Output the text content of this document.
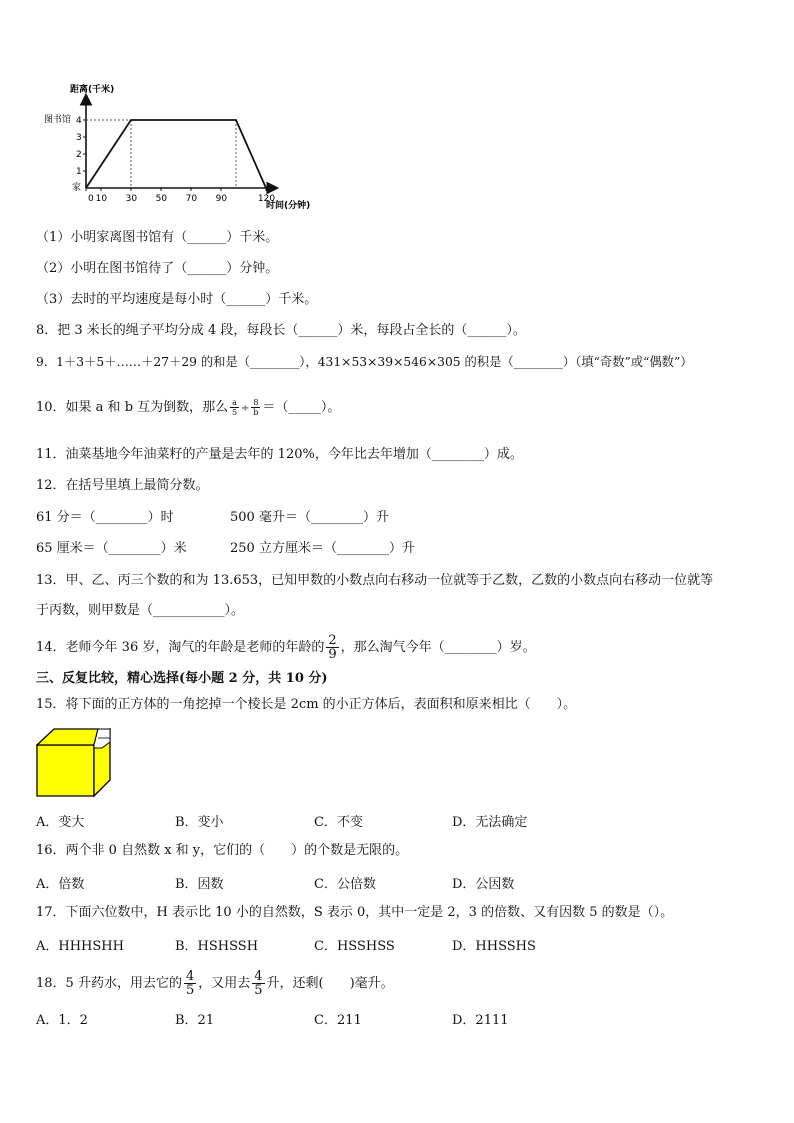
距离(千米)
时间(分钟)
图书馆
家
1
2
3
4
0 10 30 50 70 90	120
（1）小明家离图书馆有（______）千米。
（2）小明在图书馆待了（______）分钟。
（3）去时的平均速度是每小时（______）千米。
8．把 3 米长的绳子平均分成 4 段，每段长（______）米，每段占全长的（______）。
9．1＋3＋5＋……＋27＋29 的和是（________），431×53×39×546×305 的积是（________）（填“奇数”或“偶数”）
10．如果 a 和 b 互为倒数，那么 $\frac{a}{5} \div \frac{8}{b}$ ＝（_____）。
11．油菜基地今年油菜籽的产量是去年的 120%，今年比去年增加（________）成。
12．在括号里填上最简分数。
61 分＝（________）时	500 毫升＝（________）升
65 厘米＝（________）米	250 立方厘米＝（________）升
13．甲、乙、丙三个数的和为 13.653，已知甲数的小数点向右移动一位就等于乙数，乙数的小数点向右移动一位就等
于丙数，则甲数是（___________）。
14．老师今年 36 岁，淘气的年龄是老师的年龄的 $\frac{2}{9}$ ，那么淘气今年（________）岁。
三、反复比较，精心选择(每小题 2 分，共 10 分)
15．将下面的正方体的一角挖掉一个棱长是 2cm 的小正方体后，表面积和原来相比（　　）。
A．变大	B．变小	C．不变	D．无法确定
16．两个非 0 自然数 x 和 y，它们的（　　）的个数是无限的。
A．倍数	B．因数	C．公倍数	D．公因数
17．下面六位数中，H 表示比 10 小的自然数，S 表示 0，其中一定是 2，3 的倍数、又有因数 5 的数是（）。
A．HHHSHH	B．HSHSSH	C．HSSHSS	D．HHSSHS
18．5 升药水，用去它的 $\frac{4}{5}$ ，又用去 $\frac{4}{5}$ 升，还剩(　　)毫升。
A．1．2	B．21	C．211	D．2111
